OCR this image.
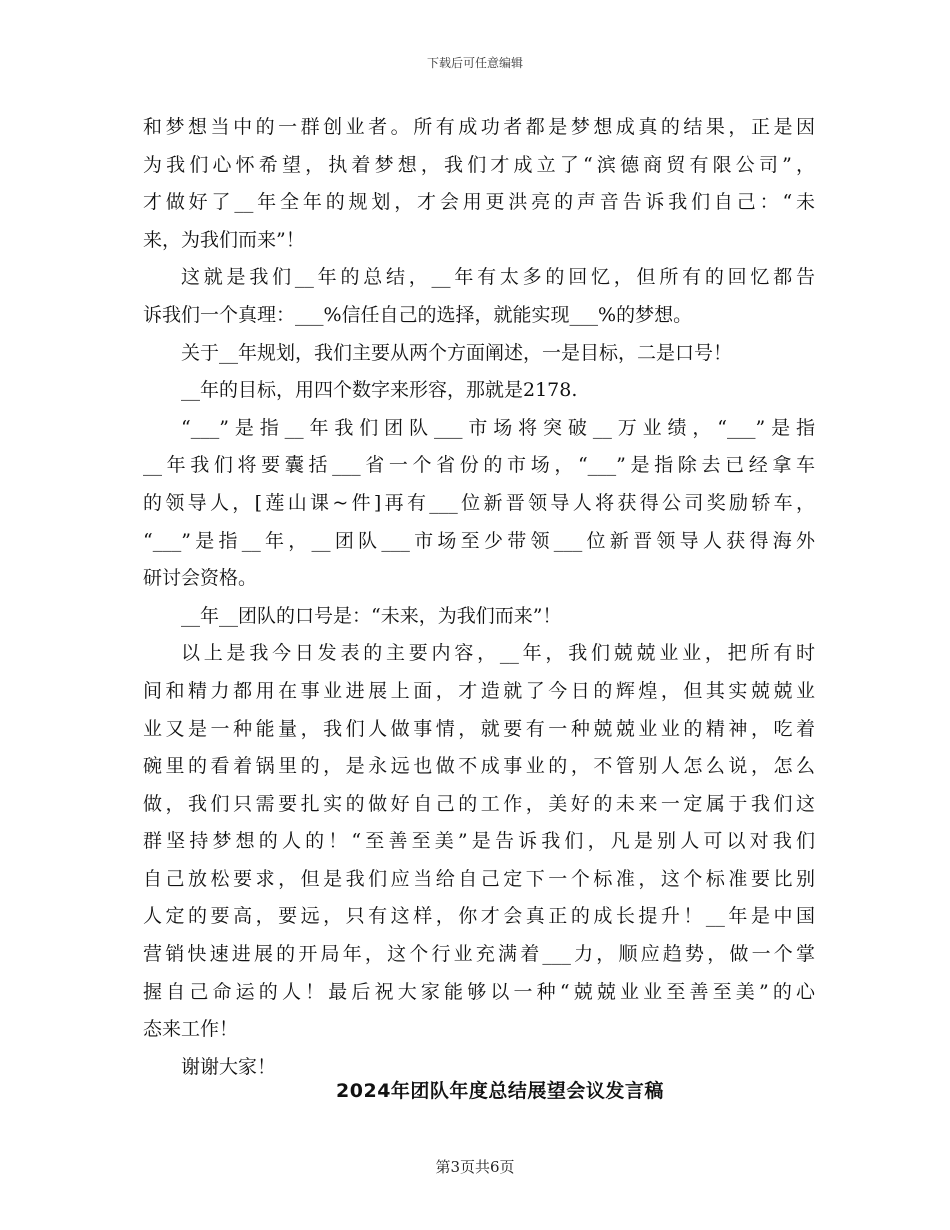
下载后可任意编辑
和梦想当中的一群创业者。所有成功者都是梦想成真的结果，正是因
为我们心怀希望，执着梦想，我们才成立了“滨德商贸有限公司”，
才做好了__年全年的规划，才会用更洪亮的声音告诉我们自己：“未
来，为我们而来”！
这就是我们__年的总结，__年有太多的回忆，但所有的回忆都告
诉我们一个真理：___%信任自己的选择，就能实现___%的梦想。
关于__年规划，我们主要从两个方面阐述，一是目标，二是口号！
__年的目标，用四个数字来形容，那就是2178.
“___”是指__年我们团队___市场将突破__万业绩，“___”是指
__年我们将要囊括___省一个省份的市场，“___”是指除去已经拿车
的领导人，[莲山课~件]再有___位新晋领导人将获得公司奖励轿车，
“___”是指__年，__团队___市场至少带领___位新晋领导人获得海外
研讨会资格。
__年__团队的口号是：“未来，为我们而来”！
以上是我今日发表的主要内容，__年，我们兢兢业业，把所有时
间和精力都用在事业进展上面，才造就了今日的辉煌，但其实兢兢业
业又是一种能量，我们人做事情，就要有一种兢兢业业的精神，吃着
碗里的看着锅里的，是永远也做不成事业的，不管别人怎么说，怎么
做，我们只需要扎实的做好自己的工作，美好的未来一定属于我们这
群坚持梦想的人的！“至善至美”是告诉我们，凡是别人可以对我们
自己放松要求，但是我们应当给自己定下一个标准，这个标准要比别
人定的要高，要远，只有这样，你才会真正的成长提升！__年是中国
营销快速进展的开局年，这个行业充满着___力，顺应趋势，做一个掌
握自己命运的人！最后祝大家能够以一种“兢兢业业至善至美”的心
态来工作！
谢谢大家！
2024年团队年度总结展望会议发言稿
第3页共6页
